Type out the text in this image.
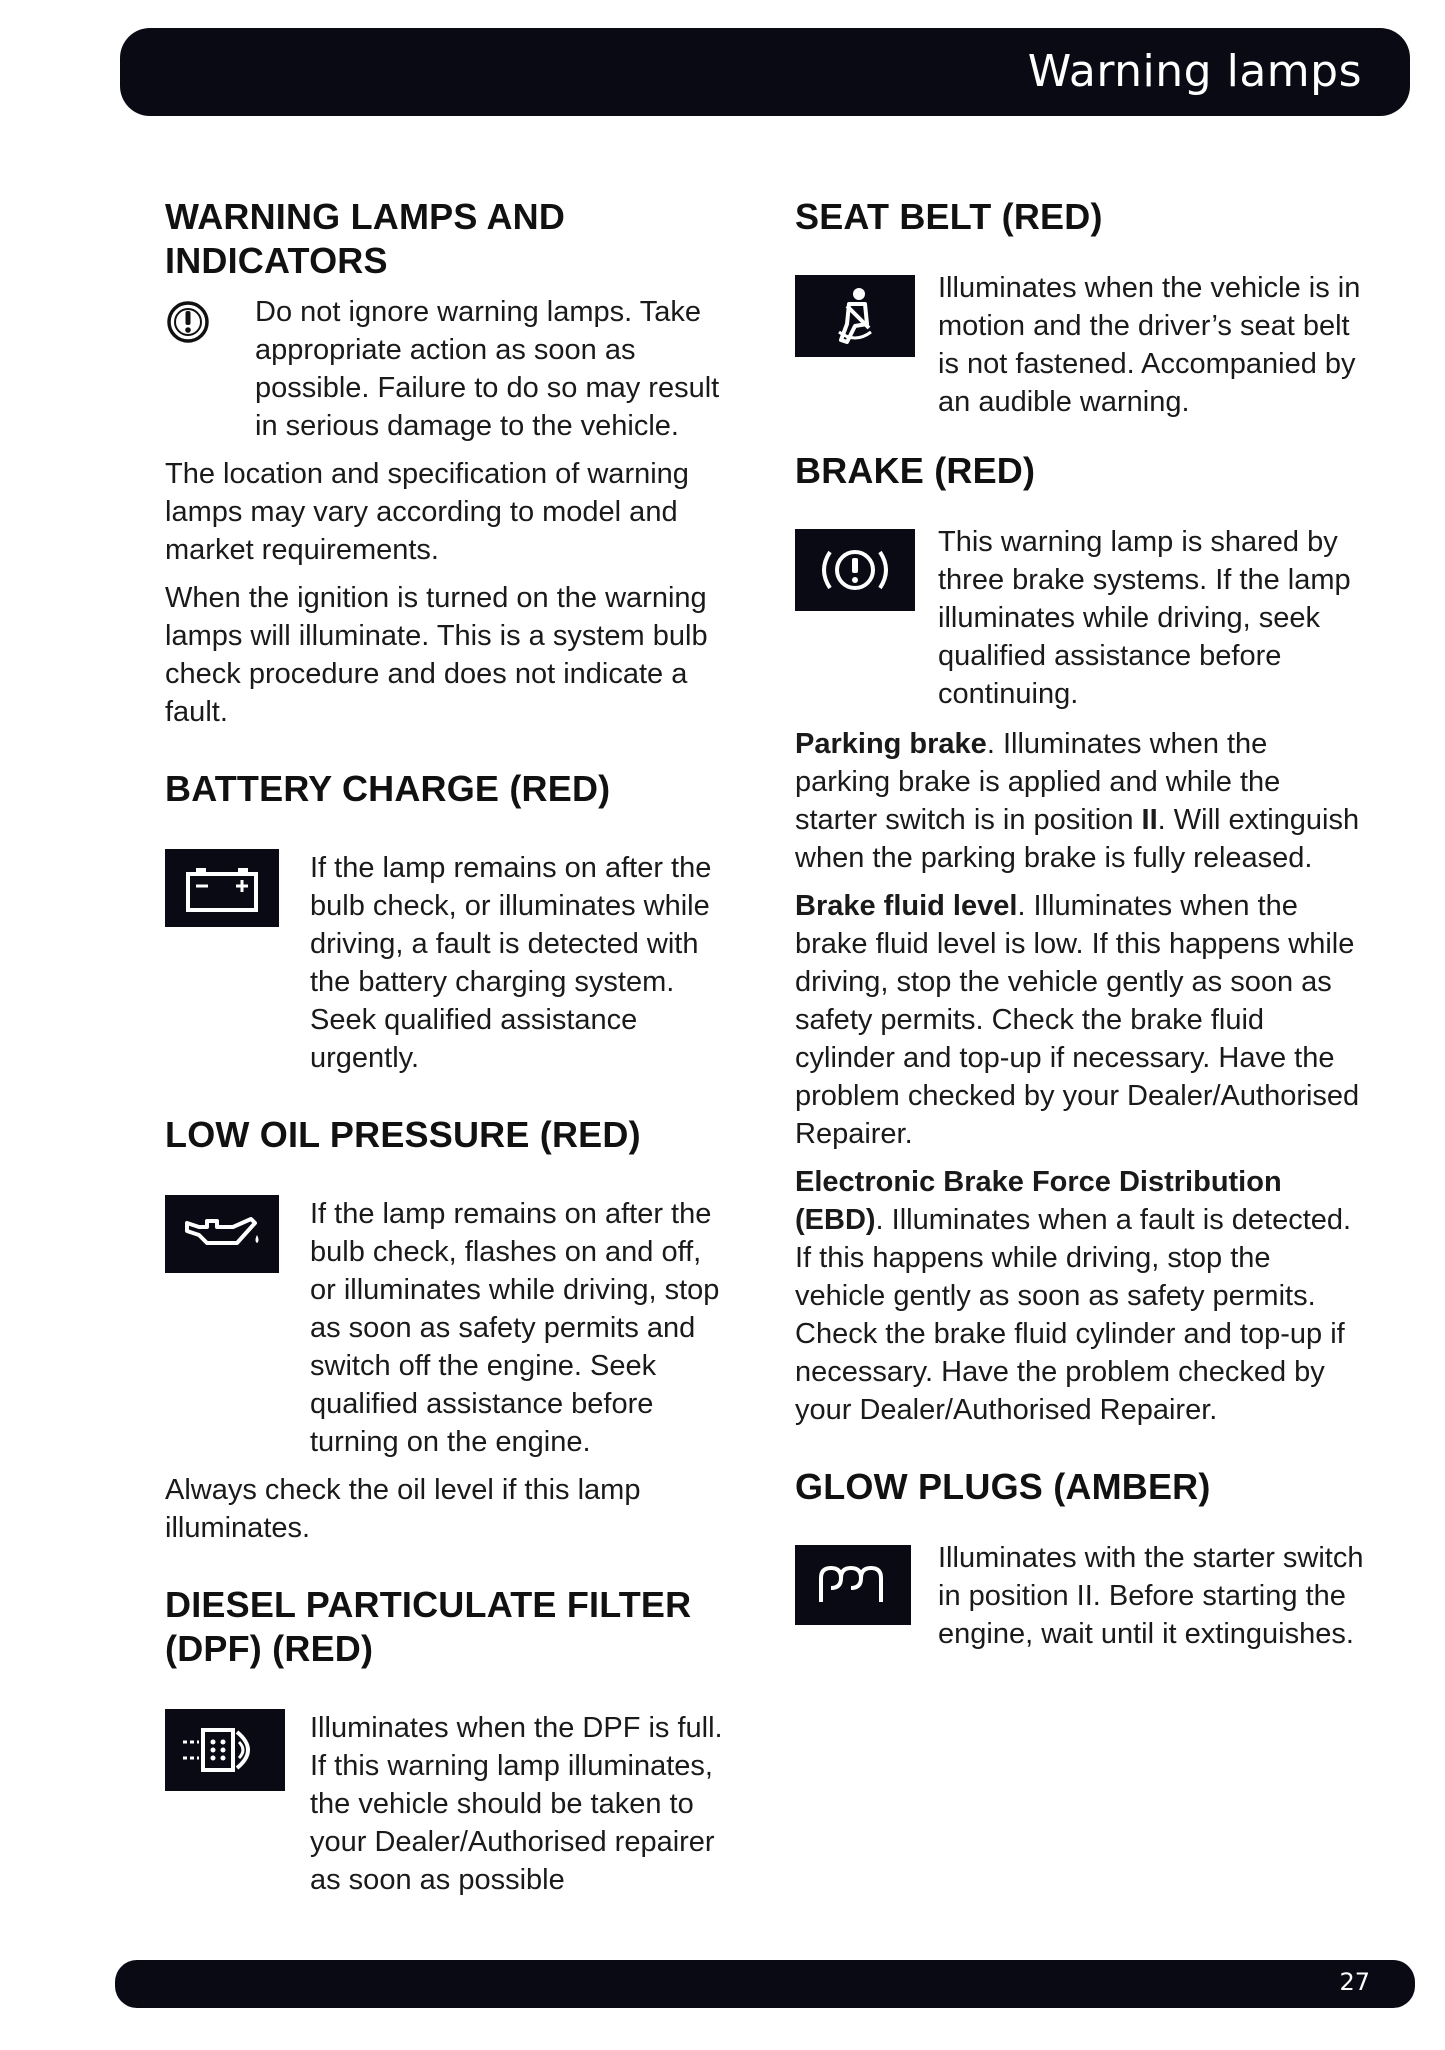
Warning lamps
WARNING LAMPS AND INDICATORS

Do not ignore warning lamps. Take appropriate action as soon as possible. Failure to do so may result in serious damage to the vehicle.

The location and specification of warning lamps may vary according to model and market requirements.

When the ignition is turned on the warning lamps will illuminate. This is a system bulb check procedure and does not indicate a fault.

BATTERY CHARGE (RED)

If the lamp remains on after the bulb check, or illuminates while driving, a fault is detected with the battery charging system. Seek qualified assistance urgently.

LOW OIL PRESSURE (RED)

If the lamp remains on after the bulb check, flashes on and off, or illuminates while driving, stop as soon as safety permits and switch off the engine. Seek qualified assistance before turning on the engine.

Always check the oil level if this lamp illuminates.

DIESEL PARTICULATE FILTER (DPF) (RED)

Illuminates when the DPF is full. If this warning lamp illuminates, the vehicle should be taken to your Dealer/Authorised repairer as soon as possible

SEAT BELT (RED)

Illuminates when the vehicle is in motion and the driver’s seat belt is not fastened. Accompanied by an audible warning.

BRAKE (RED)

This warning lamp is shared by three brake systems. If the lamp illuminates while driving, seek qualified assistance before continuing.

Parking brake. Illuminates when the parking brake is applied and while the starter switch is in position II. Will extinguish when the parking brake is fully released.

Brake fluid level. Illuminates when the brake fluid level is low. If this happens while driving, stop the vehicle gently as soon as safety permits. Check the brake fluid cylinder and top-up if necessary. Have the problem checked by your Dealer/Authorised Repairer.

Electronic Brake Force Distribution (EBD). Illuminates when a fault is detected. If this happens while driving, stop the vehicle gently as soon as safety permits. Check the brake fluid cylinder and top-up if necessary. Have the problem checked by your Dealer/Authorised Repairer.

GLOW PLUGS (AMBER)

Illuminates with the starter switch in position II. Before starting the engine, wait until it extinguishes.

27
